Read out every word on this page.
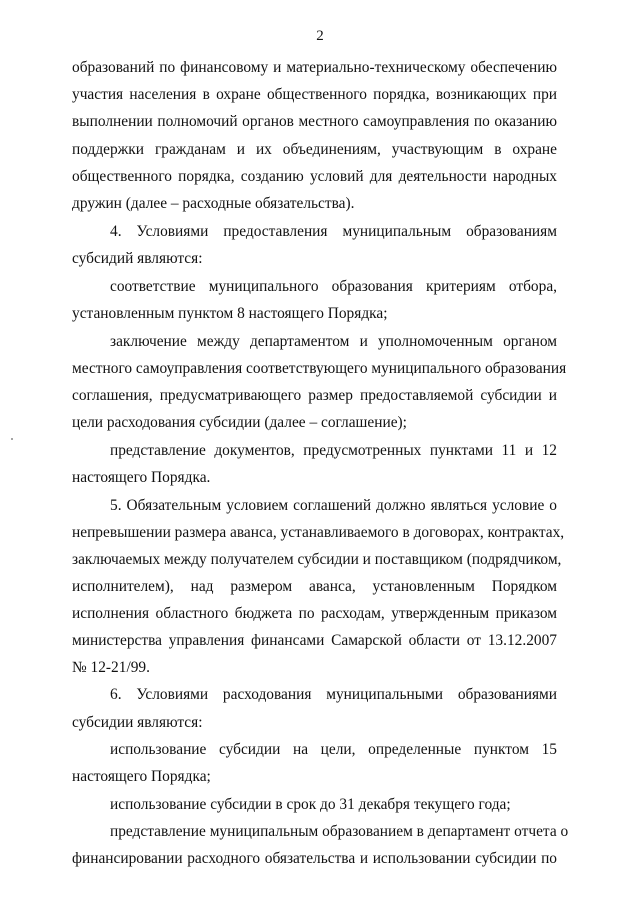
2
образований по финансовому и материально-техническому обеспечению
участия населения в охране общественного порядка, возникающих при
выполнении полномочий органов местного самоуправления по оказанию
поддержки гражданам и их объединениям, участвующим в охране
общественного порядка, созданию условий для деятельности народных
дружин (далее – расходные обязательства).
4. Условиями предоставления муниципальным образованиям
субсидий являются:
соответствие муниципального образования критериям отбора,
установленным пунктом 8 настоящего Порядка;
заключение между департаментом и уполномоченным органом
местного самоуправления соответствующего муниципального образования
соглашения, предусматривающего размер предоставляемой субсидии и
цели расходования субсидии (далее – соглашение);
представление документов, предусмотренных пунктами 11 и 12
настоящего Порядка.
5. Обязательным условием соглашений должно являться условие о
непревышении размера аванса, устанавливаемого в договорах, контрактах,
заключаемых между получателем субсидии и поставщиком (подрядчиком,
исполнителем), над размером аванса, установленным Порядком
исполнения областного бюджета по расходам, утвержденным приказом
министерства управления финансами Самарской области от 13.12.2007
№ 12-21/99.
6. Условиями расходования муниципальными образованиями
субсидии являются:
использование субсидии на цели, определенные пунктом 15
настоящего Порядка;
использование субсидии в срок до 31 декабря текущего года;
представление муниципальным образованием в департамент отчета о
финансировании расходного обязательства и использовании субсидии по
